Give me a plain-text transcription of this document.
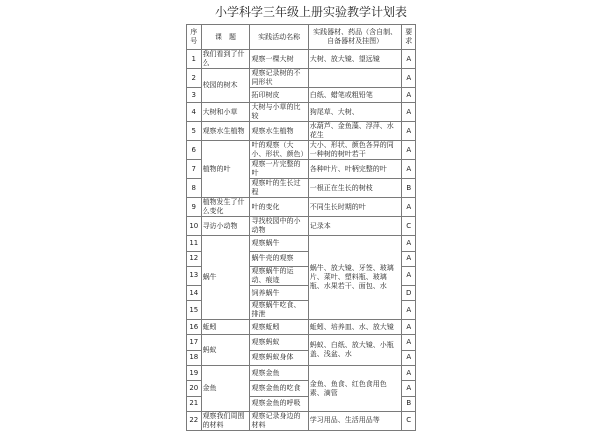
小学科学三年级上册实验教学计划表
序号	课　题	实践活动名称	实践器材、药品（含自制、自备器材及挂图）	要求
1	我们看到了什么	观察一棵大树	大树、放大镜、望远镜	A
2	校园的树木	观察记录树的不同形状		A
3		拓印树皮	白纸、蜡笔或粗铅笔	A
4	大树和小草	大树与小草的比较	狗尾草、大树、	A
5	观察水生植物	观察水生植物	水葫芦、金鱼藻、浮萍、水花生	A
6	植物的叶	叶的观察（大小、形状、颜色）	大小、形状、颜色各异的同一种树的树叶若干	A
7		观察一片完整的叶	各种叶片、叶柄完整的叶	A
8		观察叶的生长过程	一根正在生长的树枝	B
9	植物发生了什么变化	叶的变化	不同生长时期的叶	A
10	寻访小动物	寻找校园中的小动物	记录本	C
11	蜗牛	观察蜗牛	蜗牛、放大镜、牙签、玻璃片、菜叶、塑料瓶、玻璃瓶、水果若干、面包、水	A
12		蜗牛壳的观察		A
13		观察蜗牛的运动、痕迹		A
14		饲养蜗牛		D
15		观察蜗牛吃食、排泄		A
16	蚯蚓	观察蚯蚓	蚯蚓、培养皿、水、放大镜	A
17	蚂蚁	观察蚂蚁	蚂蚁、白纸、放大镜、小瓶盖、浅盆、水	A
18		观察蚂蚁身体		A
19	金鱼	观察金鱼	金鱼、鱼食、红色食用色素、滴管	A
20		观察金鱼的吃食		A
21		观察金鱼的呼吸		B
22	观察我们周围的材料	观察记录身边的材料	学习用品、生活用品等	C
